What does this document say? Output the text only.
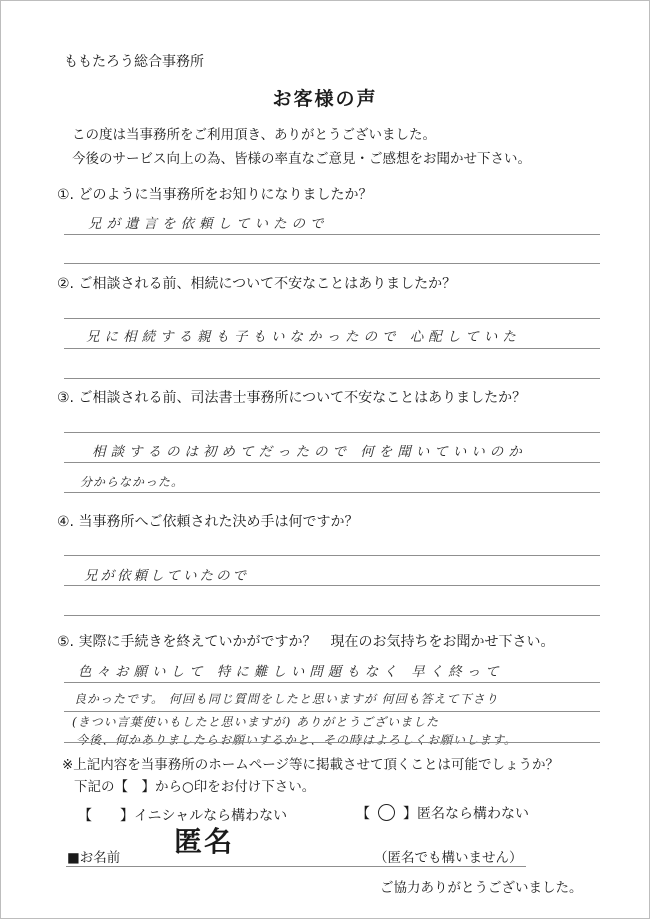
ももたろう総合事務所
お客様の声
この度は当事務所をご利用頂き、ありがとうございました。
今後のサービス向上の為、皆様の率直なご意見・ご感想をお聞かせ下さい。
①. どのように当事務所をお知りになりましたか？
兄が遺言を依頼していたので
②. ご相談される前、相続について不安なことはありましたか？
兄に相続する親も子もいなかったので 心配していた
③. ご相談される前、司法書士事務所について不安なことはありましたか？
相談するのは初めてだったので 何を聞いていいのか
分からなかった。
④. 当事務所へご依頼された決め手は何ですか？
兄が依頼していたので
⑤. 実際に手続きを終えていかがですか？　現在のお気持ちをお聞かせ下さい。
色々お願いして 特に難しい問題もなく 早く終って
良かったです。 何回も同じ質問をしたと思いますが 何回も答えて下さり
(きつい言葉使いもしたと思いますが) ありがとうございました
今後、何かありましたらお願いするかと、その時はよろしくお願いします。
※上記内容を当事務所のホームページ等に掲載させて頂くことは可能でしょうか？
下記の【　】から○印をお付け下さい。
【　　】イニシャルなら構わない	【 】匿名なら構わない
■お名前 匿名	（匿名でも構いません）
ご協力ありがとうございました。
